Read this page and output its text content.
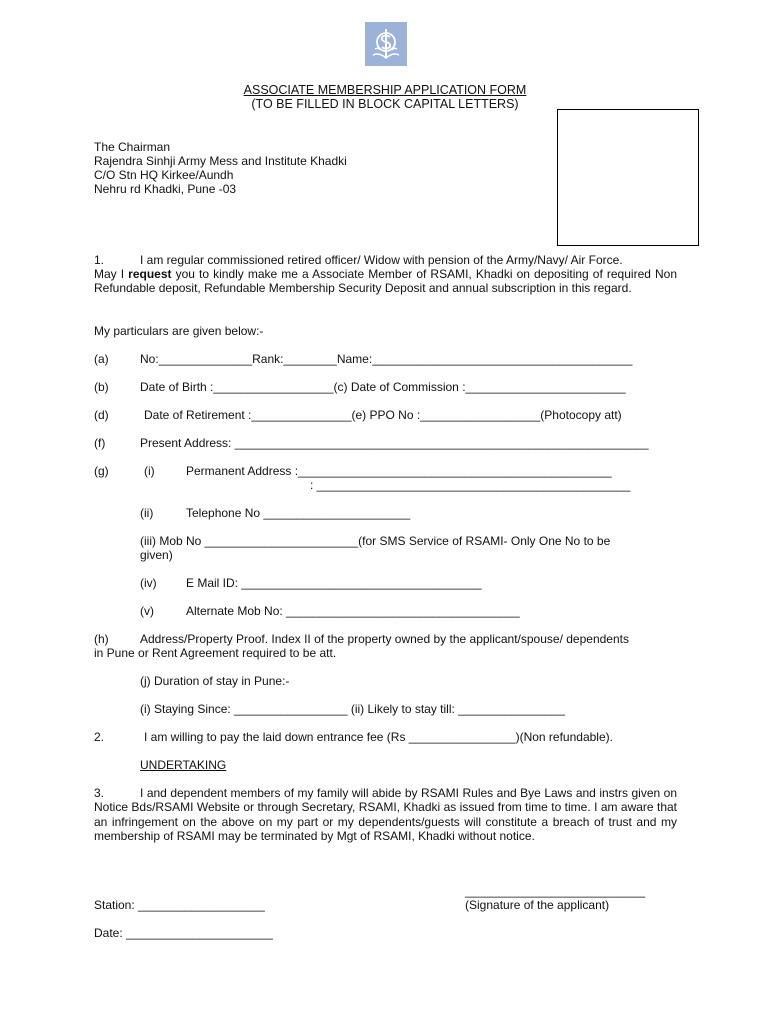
ASSOCIATE MEMBERSHIP APPLICATION FORM
(TO BE FILLED IN BLOCK CAPITAL LETTERS)
The Chairman
Rajendra Sinhji Army Mess and Institute Khadki
C/O Stn HQ Kirkee/Aundh
Nehru rd Khadki, Pune -03
1.	I am regular commissioned retired officer/ Widow with pension of the Army/Navy/ Air Force.
May I request you to kindly make me a Associate Member of RSAMI, Khadki on depositing of required Non Refundable deposit, Refundable Membership Security Deposit and annual subscription in this regard.
My particulars are given below:-
(a)	No:______________Rank:________Name:_______________________________________
(b)	Date of Birth :__________________(c) Date of Commission :________________________
(d)	Date of Retirement :_______________(e) PPO No :__________________(Photocopy att)
(f)	Present Address: ______________________________________________________________
(g)	(i)	Permanent Address :_______________________________________________
: _______________________________________________
(ii)	Telephone No ______________________
(iii) Mob No _______________________(for SMS Service of RSAMI- Only One No to be
given)
(iv) E Mail ID: ____________________________________
(v)	Alternate Mob No: ___________________________________
(h)	Address/Property Proof. Index II of the property owned by the applicant/spouse/ dependents
in Pune or Rent Agreement required to be att.
(j) Duration of stay in Pune:-
(i) Staying Since: _________________ (ii) Likely to stay till: ________________
2.	I am willing to pay the laid down entrance fee (Rs ________________)(Non refundable).
UNDERTAKING
3.	I and dependent members of my family will abide by RSAMI Rules and Bye Laws and instrs given on Notice Bds/RSAMI Website or through Secretary, RSAMI, Khadki as issued from time to time. I am aware that an infringement on the above on my part or my dependents/guests will constitute a breach of trust and my membership of RSAMI may be terminated by Mgt of RSAMI, Khadki without notice.
___________________________
Station: ___________________	(Signature of the applicant)
Date: ______________________
